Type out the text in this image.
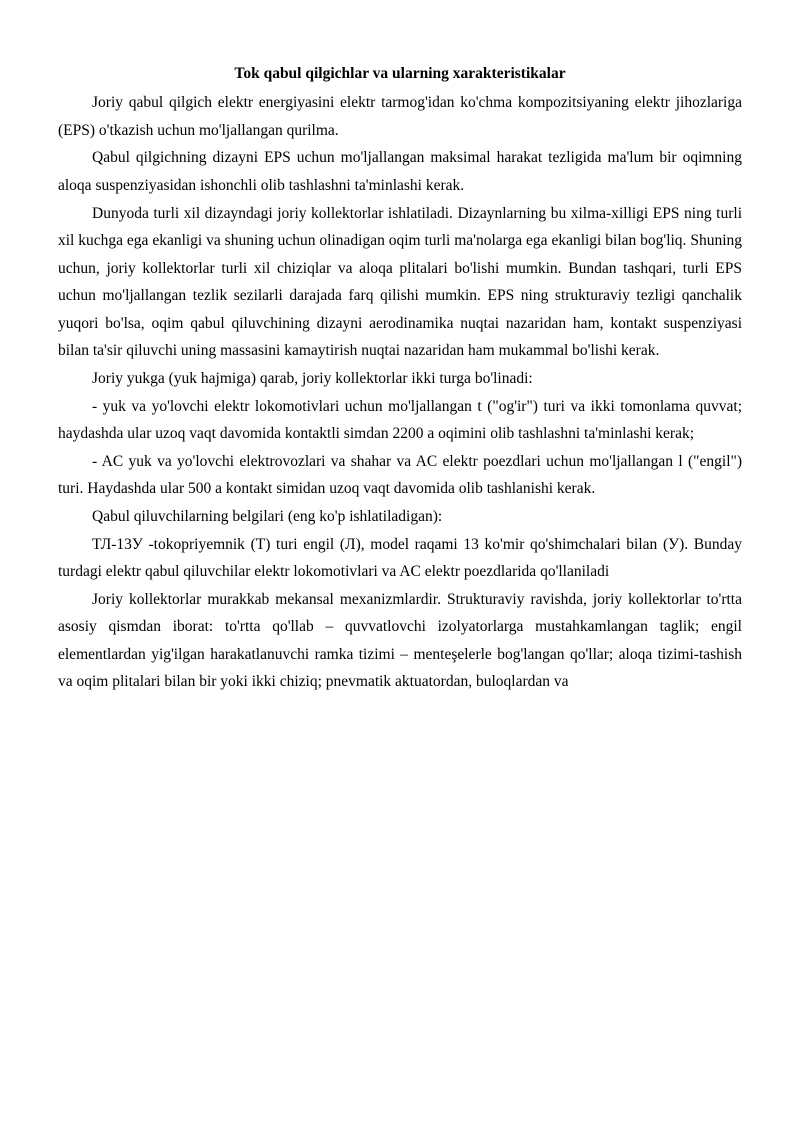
Tok qabul qilgichlar va ularning xarakteristikalar

Joriy qabul qilgich elektr energiyasini elektr tarmog'idan ko'chma kompozitsiyaning elektr jihozlariga (EPS) o'tkazish uchun mo'ljallangan qurilma.

Qabul qilgichning dizayni EPS uchun mo'ljallangan maksimal harakat tezligida ma'lum bir oqimning aloqa suspenziyasidan ishonchli olib tashlashni ta'minlashi kerak.

Dunyoda turli xil dizayndagi joriy kollektorlar ishlatiladi. Dizaynlarning bu xilma-xilligi EPS ning turli xil kuchga ega ekanligi va shuning uchun olinadigan oqim turli ma'nolarga ega ekanligi bilan bog'liq. Shuning uchun, joriy kollektorlar turli xil chiziqlar va aloqa plitalari bo'lishi mumkin. Bundan tashqari, turli EPS uchun mo'ljallangan tezlik sezilarli darajada farq qilishi mumkin. EPS ning strukturaviy tezligi qanchalik yuqori bo'lsa, oqim qabul qiluvchining dizayni aerodinamika nuqtai nazaridan ham, kontakt suspenziyasi bilan ta'sir qiluvchi uning massasini kamaytirish nuqtai nazaridan ham mukammal bo'lishi kerak.

Joriy yukga (yuk hajmiga) qarab, joriy kollektorlar ikki turga bo'linadi:

- yuk va yo'lovchi elektr lokomotivlari uchun mo'ljallangan t ("og'ir") turi va ikki tomonlama quvvat; haydashda ular uzoq vaqt davomida kontaktli simdan 2200 a oqimini olib tashlashni ta'minlashi kerak;

- AC yuk va yo'lovchi elektrovozlari va shahar va AC elektr poezdlari uchun mo'ljallangan l ("engil") turi. Haydashda ular 500 a kontakt simidan uzoq vaqt davomida olib tashlanishi kerak.

Qabul qiluvchilarning belgilari (eng ko'p ishlatiladigan):

ТЛ-13У -tokopriyemnik (Т) turi engil (Л), model raqami 13 ko'mir qo'shimchalari bilan (У). Bunday turdagi elektr qabul qiluvchilar elektr lokomotivlari va AC elektr poezdlarida qo'llaniladi

Joriy kollektorlar murakkab mekansal mexanizmlardir. Strukturaviy ravishda, joriy kollektorlar to'rtta asosiy qismdan iborat: to'rtta qo'llab – quvvatlovchi izolyatorlarga mustahkamlangan taglik; engil elementlardan yig'ilgan harakatlanuvchi ramka tizimi – menteşelerle bog'langan qo'llar; aloqa tizimi-tashish va oqim plitalari bilan bir yoki ikki chiziq; pnevmatik aktuatordan, buloqlardan va
